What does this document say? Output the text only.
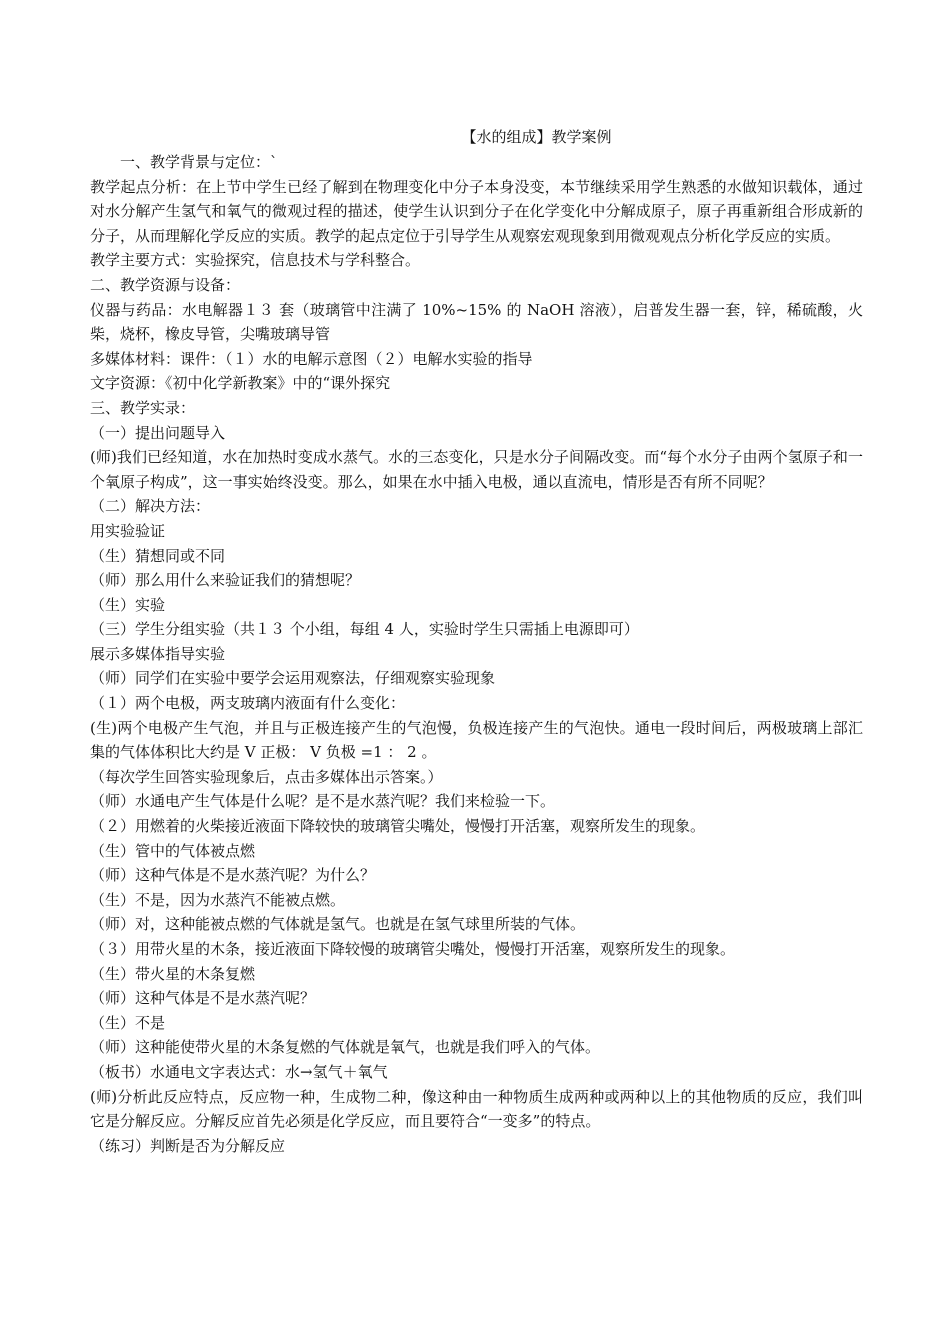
【水的组成】教学案例
一、教学背景与定位：`
教学起点分析：在上节中学生已经了解到在物理变化中分子本身没变，本节继续采用学生熟悉的水做知识载体，通过对水分解产生氢气和氧气的微观过程的描述，使学生认识到分子在化学变化中分解成原子，原子再重新组合形成新的分子，从而理解化学反应的实质。教学的起点定位于引导学生从观察宏观现象到用微观观点分析化学反应的实质。
教学主要方式：实验探究，信息技术与学科整合。
二、教学资源与设备：
仪器与药品：水电解器１３ 套（玻璃管中注满了 10%~15% 的 NaOH 溶液），启普发生器一套，锌，稀硫酸，火柴，烧杯，橡皮导管，尖嘴玻璃导管
多媒体材料：课件：（１）水的电解示意图（２）电解水实验的指导
文字资源：《初中化学新教案》中的“课外探究
三、教学实录：
（一）提出问题导入
(师)我们已经知道，水在加热时变成水蒸气。水的三态变化，只是水分子间隔改变。而“每个水分子由两个氢原子和一个氧原子构成”，这一事实始终没变。那么，如果在水中插入电极，通以直流电，情形是否有所不同呢？
（二）解决方法：
用实验验证
（生）猜想同或不同
（师）那么用什么来验证我们的猜想呢？
（生）实验
（三）学生分组实验（共１３ 个小组，每组 4 人，实验时学生只需插上电源即可）
展示多媒体指导实验
（师）同学们在实验中要学会运用观察法，仔细观察实验现象
（１）两个电极，两支玻璃内液面有什么变化：
(生)两个电极产生气泡，并且与正极连接产生的气泡慢，负极连接产生的气泡快。通电一段时间后，两极玻璃上部汇集的气体体积比大约是 V 正极： V 负极 =1 ： 2 。
（每次学生回答实验现象后，点击多媒体出示答案。）
（师）水通电产生气体是什么呢？是不是水蒸汽呢？我们来检验一下。
（２）用燃着的火柴接近液面下降较快的玻璃管尖嘴处，慢慢打开活塞，观察所发生的现象。
（生）管中的气体被点燃
（师）这种气体是不是水蒸汽呢？为什么？
（生）不是，因为水蒸汽不能被点燃。
（师）对，这种能被点燃的气体就是氢气。也就是在氢气球里所装的气体。
（３）用带火星的木条，接近液面下降较慢的玻璃管尖嘴处，慢慢打开活塞，观察所发生的现象。
（生）带火星的木条复燃
（师）这种气体是不是水蒸汽呢？
（生）不是
（师）这种能使带火星的木条复燃的气体就是氧气，也就是我们呼入的气体。
（板书）水通电文字表达式：水→氢气＋氧气
(师)分析此反应特点，反应物一种，生成物二种，像这种由一种物质生成两种或两种以上的其他物质的反应，我们叫它是分解反应。分解反应首先必须是化学反应，而且要符合“一变多”的特点。
（练习）判断是否为分解反应
